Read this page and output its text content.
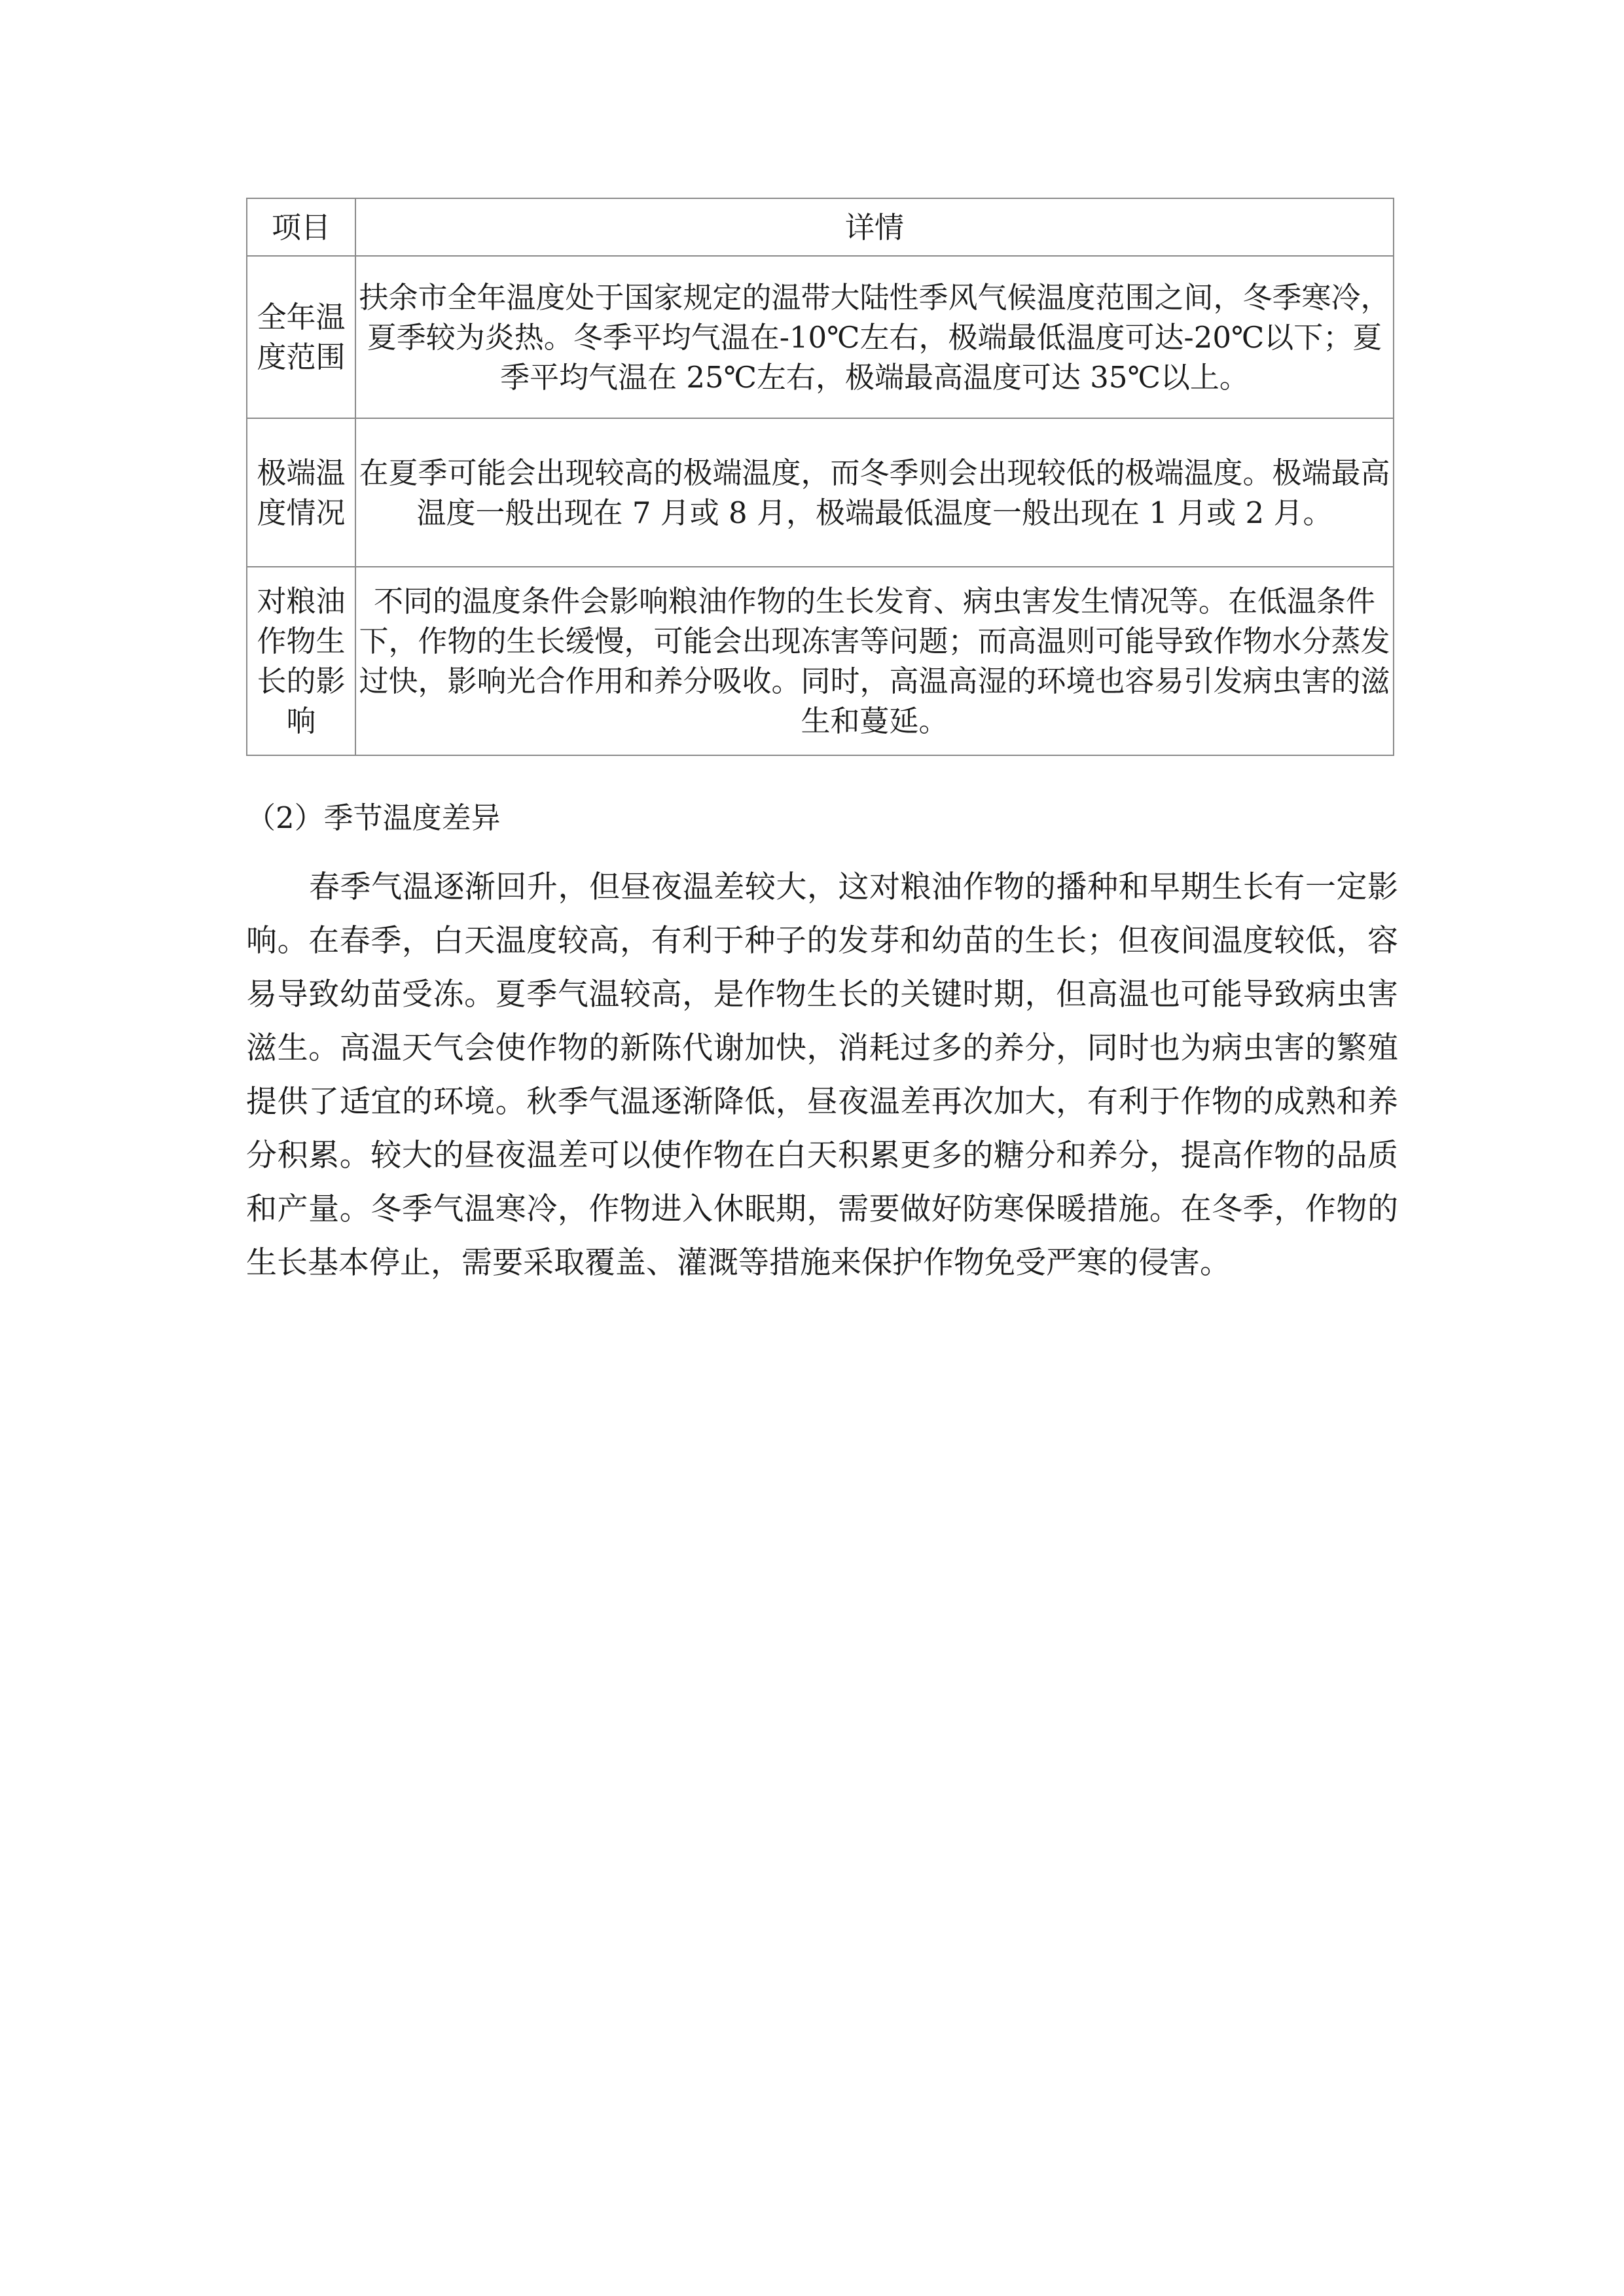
项目	详情
全年温度范围	扶余市全年温度处于国家规定的温带大陆性季风气候温度范围之间，冬季寒冷，夏季较为炎热。冬季平均气温在-10℃左右，极端最低温度可达-20℃以下；夏季平均气温在 25℃左右，极端最高温度可达 35℃以上。
极端温度情况	在夏季可能会出现较高的极端温度，而冬季则会出现较低的极端温度。极端最高温度一般出现在 7 月或 8 月，极端最低温度一般出现在 1 月或 2 月。
对粮油作物生长的影响	不同的温度条件会影响粮油作物的生长发育、病虫害发生情况等。在低温条件下，作物的生长缓慢，可能会出现冻害等问题；而高温则可能导致作物水分蒸发过快，影响光合作用和养分吸收。同时，高温高湿的环境也容易引发病虫害的滋生和蔓延。
（2）季节温度差异

春季气温逐渐回升，但昼夜温差较大，这对粮油作物的播种和早期生长有一定影响。在春季，白天温度较高，有利于种子的发芽和幼苗的生长；但夜间温度较低，容易导致幼苗受冻。夏季气温较高，是作物生长的关键时期，但高温也可能导致病虫害滋生。高温天气会使作物的新陈代谢加快，消耗过多的养分，同时也为病虫害的繁殖提供了适宜的环境。秋季气温逐渐降低，昼夜温差再次加大，有利于作物的成熟和养分积累。较大的昼夜温差可以使作物在白天积累更多的糖分和养分，提高作物的品质和产量。冬季气温寒冷，作物进入休眠期，需要做好防寒保暖措施。在冬季，作物的生长基本停止，需要采取覆盖、灌溉等措施来保护作物免受严寒的侵害。
